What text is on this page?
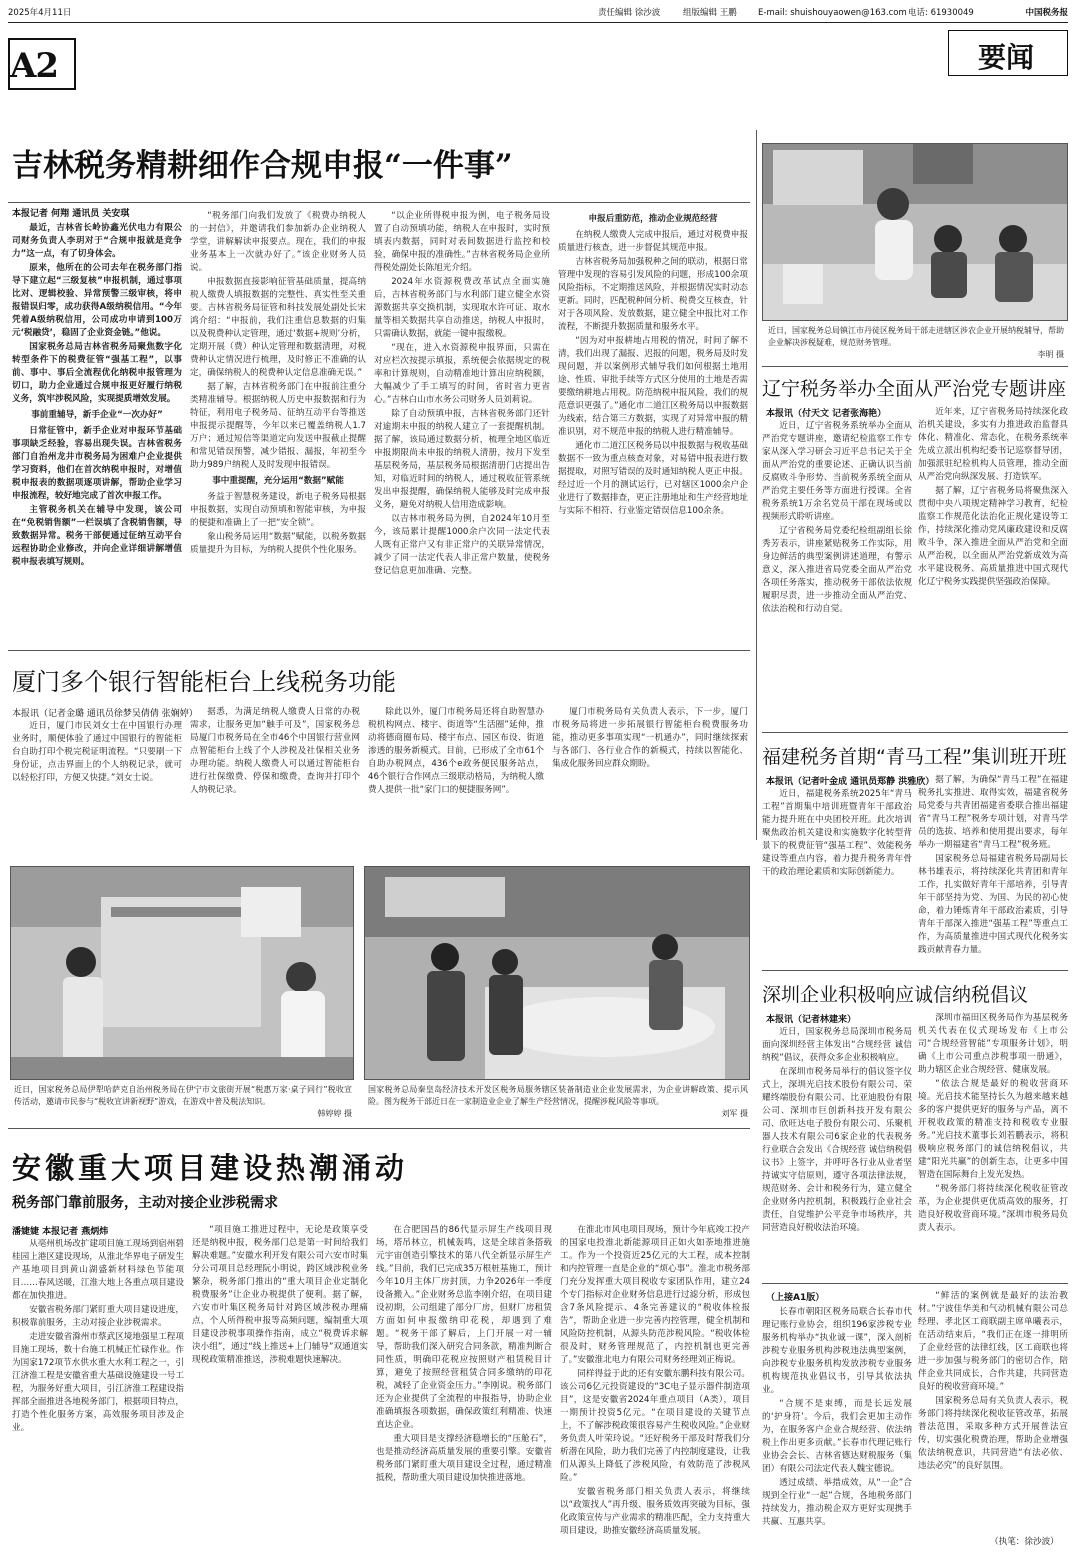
2025年4月11日	责任编辑 徐沙波	组版编辑 王鹏	E-mail: shuishouyaowen@163.com 电话: 61930049	中国税务报
A2	要闻
吉林税务精耕细作合规申报“一件事”
本报记者 何翔 通讯员 关安琪

最近，吉林省长岭协鑫光伏电力有限公司财务负责人李玥对于“合规申报就是竞争力”这一点，有了切身体会。

原来，他所在的公司去年在税务部门指导下建立起“三级复核”申报机制，通过事项比对、逻辑校验、异常预警三级审核，将申报错误归零，成功获得A级纳税信用。“今年凭着A级纳税信用，公司成功申请到100万元‘税融贷’，稳固了企业资金链。”他说。

国家税务总局吉林省税务局聚焦数字化转型条件下的税费征管“强基工程”，以事前、事中、事后全流程优化纳税申报管理为切口，助力企业通过合规申报更好履行纳税义务，筑牢涉税风险，实现提质增效发展。

事前重辅导，新手企业“一次办好”

日常征管中，新手企业对申报环节基础事项缺乏经验，容易出现失误。吉林省税务部门自治州龙井市税务局为困难户企业提供学习资料，他们在首次纳税申报时，对增值税申报表的数据项逐项讲解，帮助企业学习申报流程，较好地完成了首次申报工作。

主管税务机关在辅导中发现，该公司在“免税销售额”一栏误填了含税销售额，导致数据异常。税务干部便通过征纳互动平台远程协助企业修改，并向企业详细讲解增值税申报表填写规则。

“税务部门向我们发放了《税费办纳税人的一封信》，并邀请我们参加新办企业纳税人学堂，讲解解读申报要点。现在，我们的申报业务基本上一次就办好了。”该企业财务人员说。

申报数据直接影响征管基础质量，提高纳税人缴费人填报数据的完整性、真实性至关重要。吉林省税务局征管和科技发展处副处长宋鸿介绍：“申报前，我们注重信息数据的归集以及税费种认定管理，通过‘数据+规则’分析，定期开展（费）种认定管理和数据清理，对税费种认定情况进行梳理，及时修正不准确的认定，确保纳税人的税费种认定信息准确无误。”

据了解，吉林省税务部门在申报前注重分类精准辅导。根据纳税人历史申报数据和行为特征，利用电子税务局、征纳互动平台等推送申报提示提醒等，今年以来已覆盖纳税人1.7万户；通过短信等渠道定向发送申报截止提醒和常见错误预警，减少错报、漏报，年初至今助力989户纳税人及时发现申报错误。

事中重提醒，充分运用“数据”赋能

务益于智慧税务建设，新电子税务局根据申报数据，实现自动预填和智能审核，为申报的便捷和准确上了一把“安全锁”。

象山税务局运用“数据”赋能，以税务数据质量提升为目标，为纳税人提供个性化服务。

“以企业所得税申报为例，电子税务局设置了自动预填功能，纳税人在申报时，实时预填表内数据，同时对表间数据进行监控和校验，确保申报的准确性。”吉林省税务局企业所得税处副处长陈旭光介绍。

2024年水资源税费改革试点全面实施后，吉林省税务部门与水利部门建立健全水资源数据共享交换机制，实现取水许可证、取水量等相关数据共享自动推送，纳税人申报时，只需确认数据，就能一键申报缴税。

“现在，进入水资源税申报界面，只需在对应栏次按提示填报，系统便会依据规定的税率和计算规则，自动精准地计算出应纳税额，大幅减少了手工填写的时间，省时省力更省心。”吉林白山市水务公司财务人员刘莉说。

除了自动预填申报，吉林省税务部门还针对逾期未申报的纳税人建立了一套提醒机制。据了解，该局通过数据分析，梳理全地区临近申报期限尚未申报的纳税人清册，按月下发至基层税务局，基层税务局根据清册门店提出告知，对临近时间的纳税人，通过税收征管系统发出申报提醒，确保纳税人能够及时完成申报义务，避免对纳税人信用造成影响。

以吉林市税务局为例，自2024年10月至今，该局累计提醒1000余户次同一法定代表人既有正常户又有非正常户的关联异常情况，减少了同一法定代表人非正常户数量，使税务登记信息更加准确、完整。

申报后重防范，推动企业规范经营

在纳税人缴费人完成申报后，通过对税费申报质量进行核查，进一步督促其规范申报。

吉林省税务局加强税种之间的联动，根据日常管理中发现的容易引发风险的问题，形成100余项风险指标，不定期推送风险，并根据情况实时动态更新。同时，匹配税种间分析、税费交互核查，针对于各项风险、发放数据，建立健全申报比对工作流程，不断提升数据质量和服务水平。

“因为对申报耕地占用税的情况，时间了解不清，我们出现了漏报、迟报的问题，税务局及时发现问题，并以案例形式辅导我们如何根据土地用途、性质、审批手续等方式区分使用的土地是否需要缴纳耕地占用税。防范纳税申报风险，我们的规范意识更强了。”通化市二道江区税务局以申报数据为线索，结合第三方数据，实现了对异常申报的精准识别，对不规范申报的纳税人进行精准辅导。

通化市二道江区税务局以申报数据与税收基础数据不一致为重点核查对象，对易错申报表进行数据提取，对照写错误的及时通知纳税人更正申报。经过近一个月的测试运行，已对辖区1000余户企业进行了数据排查，更正注册地址和生产经营地址与实际不相符、行业鉴定错误信息100余条。

近日，国家税务总局镇江市丹徒区税务局干部走进辖区涉农企业开展纳税辅导，帮助企业解决涉税疑难，规范财务管理。
李明 摄
辽宁税务举办全面从严治党专题讲座
本报讯（付天文 记者张海艳）

近日，辽宁省税务系统举办全面从严治党专题讲座，邀请纪检监察工作专家从深入学习研会习近平总书记关于全面从严治党的重要论述、正确认识当前反腐败斗争形势、当前税务系统全面从严治党主要任务等方面进行授课。全省税务系统1万余名党员干部在现场或以视频形式聆听讲座。

辽宁省税务局党委纪检组副组长徐秀芳表示，讲座紧贴税务工作实际，用身边鲜活的典型案例讲述道理，有警示意义，深入推进省局党委全面从严治党各项任务落实，推动税务干部依法依规履职尽责，进一步推动全面从严治党、依法治税和行动自觉。

近年来，辽宁省税务局持续深化政治机关建设，多实有力推进政治监督具体化、精准化、常态化，在税务系统率先成立派出机构纪委书记巡察督导团，加强派驻纪检机构人员管理，推动全面从严治党向纵深发展、打造铁军。

据了解，辽宁省税务局将聚焦深入贯彻中央八项规定精神学习教育，纪检监察工作规范化法治化正规化建设等工作，持续深化推动党风廉政建设和反腐败斗争，深入推进全面从严治党和全面从严治税，以全面从严治党新成效为高水平建设税务、高质量推进中国式现代化辽宁税务实践提供坚强政治保障。

福建税务首期“青马工程”集训班开班
本报讯（记者叶金成 通讯员郑静 洪雅欣）

近日，福建税务系统2025年“青马工程”首期集中培训班暨青年干部政治能力提升班在中央团校开班。此次培训聚焦政治机关建设和实施数字化转型背景下的税费征管“强基工程”、效能税务建设等重点内容，着力提升税务青年骨干的政治理论素质和实际创新能力。

据了解，为确保“青马工程”在福建税务扎实推进、取得实效，福建省税务局党委与共青团福建省委联合推出福建省“青马工程”税务专项计划，对青马学员的选拔、培养和使用提出要求，每年举办一期福建省“青马工程”税务班。

国家税务总局福建省税务局副局长林书雄表示，将持续深化共青团和青年工作，扎实做好青年干部培养，引导青年干部坚持为党、为国、为民的初心使命，着力锤炼青年干部政治素质，引导青年干部深入推进“强基工程”等重点工作，为高质量推进中国式现代化税务实践贡献青春力量。

深圳企业积极响应诚信纳税倡议
本报讯（记者林建来）

近日，国家税务总局深圳市税务局面向深圳经营主体发出“合规经营 诚信纳税”倡议，获得众多企业积极响应。

在深圳市税务局举行的倡议签字仪式上，深圳光启技术股份有限公司、荣耀终端股份有限公司、比亚迪股份有限公司、深圳市巨创新科技开发有限公司、欣旺达电子股份有限公司、乐聚机器人技术有限公司6家企业的代表税务行业联合会发出《合规经营 诚信纳税倡议书》上签字，并呼吁各行业从业者坚持诚实守信原则，遵守各项法律法规，规范财务、会计和税务行为，建立健全企业财务内控机制，积极践行企业社会责任，自觉维护公平竞争市场秩序，共同营造良好税收法治环境。

深圳市福田区税务局作为基层税务机关代表在仪式现场发布《上市公司“合规经营智能”专项服务计划》，明确《上市公司重点涉税事项一册通》，助力辖区企业合规经营、健康发展。

“依法合规是最好的税收营商环境。光启技术能坚持长久为越来越来越多的客户提供更好的服务与产品，离不开税收政策的精准支持和税收专业服务。”光启技术董事长刘若鹏表示，将积极响应税务部门的诚信纳税倡议，共建“阳光共赢”的创新生态，让更多中国智造在国际舞台上发光发热。

“税务部门将持续深化税收征管改革，为企业提供更优质高效的服务，打造良好税收营商环境。”深圳市税务局负责人表示。

（上接A1版）

长春市朝阳区税务局联合长春市代理记账行业协会，组织196家涉税专业服务机构举办“执业诚一课”，深入剖析涉税专业服务机构涉税违法典型案例，向涉税专业服务机构发放涉税专业服务机构规范执业倡议书，引导其依法执业。

“合规不是束缚，而是长远发展的‘护身符’。今后，我们会更加主动作为，在服务客户企业合规经营、依法纳税上作出更多贡献。”长春市代理记账行业协会会长、吉林省德达财税服务（集团）有限公司法定代表人魏宝德说。

透过成绩、举措成效，从“一企”合规到全行业“一起”合规，各地税务部门持续发力，推动税企双方更好实现携手共赢、互惠共享。

“鲜活的案例就是最好的法治教材。”宁波佳华美和气动机械有限公司总经理、孝北区工商联副主席单曦表示，在活动结束后，“我们正在逐一排明所了企业经营的法律红线，区工商联也将进一步加强与税务部门的密切合作，陪伴企业共同成长，合作共建，共同营造良好的税收营商环境。”

国家税务总局有关负责人表示，税务部门将持续深化税收征管改革，拓展普法范围，采取多种方式开展普法宣传，切实强化税费治理，帮助企业增强依法纳税意识，共同营造“有法必依、违法必究”的良好氛围。

（执笔：徐沙波）
厦门多个银行智能柜台上线税务功能
本报讯（记者金璐 通讯员徐梦吴倩倩 张娴婷）

近日，厦门市民刘女士在中国银行办理业务时，顺便体验了通过中国银行的智能柜台自助打印个税完税证明流程。“只要刷一下身份证，点击界面上的个人纳税记录，就可以轻松打印，方便又快捷。”刘女士说。

据悉，为满足纳税人缴费人日常的办税需求，让服务更加“触手可及”，国家税务总局厦门市税务局在全市46个中国银行营业网点智能柜台上线了个人涉税及社保相关业务办理功能。纳税人缴费人可以通过智能柜台进行社保缴费、停保和缴费，查询并打印个人纳税记录。

除此以外，厦门市税务局还将自助智慧办税机构网点、楼宇、街道等“生活圈”延伸，推动将德商圈布局、楼宇布点、园区布设、街道渗透的服务新模式。目前，已形成了全市61个自助办税网点，436个e政务便民服务站点，46个银行合作网点三级联动格局，为纳税人缴费人提供一批“家门口的便捷服务网”。

厦门市税务局有关负责人表示，下一步，厦门市税务局将进一步拓展银行智能柜台税费服务功能，推动更多事项实现“一机通办”，同时继续探索与各部门、各行业合作的新模式，持续以智能化、集成化服务回应群众期盼。

近日，国家税务总局伊犁哈萨克自治州税务局在伊宁市文旅街开展“税惠万家·桌子同行”税收宣传活动，邀请市民参与“税收宣讲新视野”游戏，在游戏中普及税法知识。
韩婷婷 摄
国家税务总局秦皇岛经济技术开发区税务局服务辖区装备制造业企业发展需求，为企业讲解政策、提示风险。图为税务干部近日在一家制造业企业了解生产经营情况，提醒涉税风险等事项。
刘军 摄
安徽重大项目建设热潮涌动
税务部门靠前服务，主动对接企业涉税需求
潘婕婕 本报记者 燕炳炜

从亳州机场改扩建项目施工现场到宿州碧桂园上港区建设现场，从淮北华界电子研发生产基地项目到黄山湖盛新材料绿色节能项目……春风送暖，江淮大地上各重点项目建设都在加快推进。

安徽省税务部门紧盯重大项目建设进度，积极靠前服务，主动对接企业涉税需求。

走进安徽省滁州市蔡武区境地强星工程项目施工现场，数十台施工机械正忙碌作业。作为国家172项节水供水重大水利工程之一，引江济淮工程是安徽省重大基础设施建设一号工程，为服务好重大项目，引江济淮工程建设指挥部全面推进各地税务部门，根据项目特点，打造个性化服务方案，高效服务项目涉及企业。

“项目施工推进过程中，无论是政策享受还是纳税申报，税务部门总是第一时间给我们解决难题。”安徽水利开发有限公司六安市时集分公司项目总经理阮小明说，跨区域涉税业务繁杂，税务部门推出的“重大项目企业定制化税费服务”让企业办税提供了便利。据了解，六安市叶集区税务局针对跨区域涉税办理痛点，个人所得税申报等高频问题，编制重大项目建设涉税事项操作指南，成立“税费诉求解决小组”，通过“线上推送+上门辅导”双通道实现税政策精准推送，涉税难题快速解决。

在合肥国昌的86代显示屏生产线项目现场，塔吊林立，机械轰鸣，这是全球首条搭载元宇宙创造引擎技术的第八代全新显示屏生产线。”目前，我们已完成35万根桩基施工，预计今年10月主体厂房封顶，力争2026年一季度设备搬入。”企业财务总监李刚介绍，在项目建设初期，公司组建了部分厂房，但财厂房租赁方面如何申报缴纳印花税，却遇到了难题。“税务干部了解后，上门开展一对一辅导，帮助我们深入研究合同条款，精准判断合同性质，明确印花税应按照财产租赁税目计算，避免了按照经营租赁合同多缴纳的印花税，减轻了企业资金压力。”李刚说。税务部门还为企业提供了全流程的申报指导，协助企业准确填报各项数据，确保政策红利精准、快速直达企业。

重大项目是支撑经济稳增长的“压舱石”，也是推动经济高质量发展的重要引擎。安徽省税务部门紧盯重大项目建设全过程，通过精准抵税，帮助重大项目建设加快推进落地。

在淮北市风电项目现场，预计今年底竣工投产的国家电投淮北新能源项目正如火如荼地推进施工。作为一个投资近25亿元的大工程，成本控制和内控管理一直是企业的“烦心事”。淮北市税务部门充分发挥重大项目税收专家团队作用，建立24个专门指标对企业财务信息进行过滤分析，形成包含7条风险提示、4条完善建议的“税收体检报告”，帮助企业进一步完善内控管理，健全机制和风险防控机制，从源头防范涉税风险。“税收体检很及时，财务管理规范了，内控机制也更完善了。”安徽淮北电力有限公司财务经理刘正梅说。

同样得益于此的还有安徽东鹏科技有限公司。该公司6亿元投资建设的“3C电子显示器件制造项目”，这是安徽省2024年重点项目（A类），项目一期预计投资5亿元。“在项目建设的关键节点上，不了解涉税政策很容易产生税收风险。”企业财务负责人叶荣玲说。“还好税务干部及时帮我们分析潜在风险，助力我们完善了内控制度建设，让我们从源头上降低了涉税风险，有效防范了涉税风险。”

安徽省税务部门相关负责人表示，将继续以“政策找人”再升级、服务质效再突破为目标，强化政策宣传与产业需求的精准匹配，全力支持重大项目建设，助推安徽经济高质量发展。
